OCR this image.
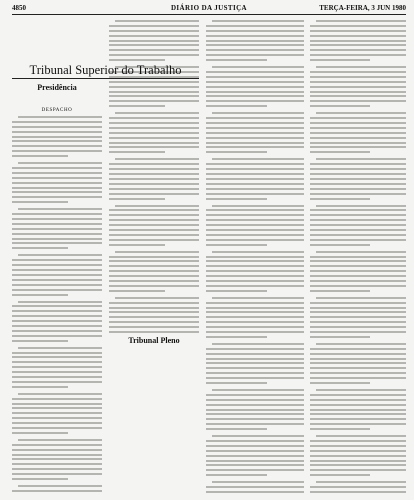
4850	DIÁRIO DA JUSTIÇA	TERÇA-FEIRA, 3 JUN 1980
Tribunal Superior do Trabalho
Presidência
DESPACHO
Tribunal Pleno
